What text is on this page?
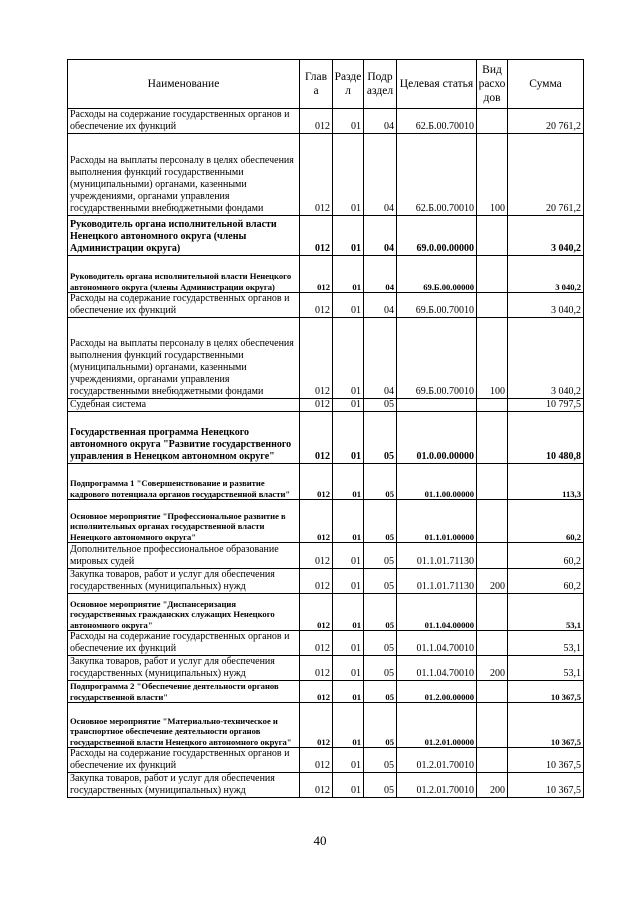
Наименование	Глав а	Разде л	Подр аздел	Целевая статья	Вид расхо дов	Сумма
Расходы на содержание государственных органов и обеспечение их функций	012	01	04	62.Б.00.70010		20 761,2
Расходы на выплаты персоналу в целях обеспечения выполнения функций государственными (муниципальными) органами, казенными учреждениями, органами управления государственными внебюджетными фондами	012	01	04	62.Б.00.70010	100	20 761,2
Руководитель органа исполнительной власти Ненецкого автономного округа (члены Администрации округа)	012	01	04	69.0.00.00000		3 040,2
Руководитель органа исполнительной власти Ненецкого автономного округа (члены Администрации округа)	012	01	04	69.Б.00.00000		3 040,2
Расходы на содержание государственных органов и обеспечение их функций	012	01	04	69.Б.00.70010		3 040,2
Расходы на выплаты персоналу в целях обеспечения выполнения функций государственными (муниципальными) органами, казенными учреждениями, органами управления государственными внебюджетными фондами	012	01	04	69.Б.00.70010	100	3 040,2
Судебная система	012	01	05			10 797,5
Государственная программа Ненецкого автономного округа "Развитие государственного управления в Ненецком автономном округе"	012	01	05	01.0.00.00000		10 480,8
Подпрограмма 1 "Совершенствование и развитие кадрового потенциала органов государственной власти"	012	01	05	01.1.00.00000		113,3
Основное мероприятие "Профессиональное развитие в исполнительных органах государственной власти Ненецкого автономного округа"	012	01	05	01.1.01.00000		60,2
Дополнительное профессиональное образование мировых судей	012	01	05	01.1.01.71130		60,2
Закупка товаров, работ и услуг для обеспечения государственных (муниципальных) нужд	012	01	05	01.1.01.71130	200	60,2
Основное мероприятие "Диспансеризация государственных гражданских служащих Ненецкого автономного округа"	012	01	05	01.1.04.00000		53,1
Расходы на содержание государственных органов и обеспечение их функций	012	01	05	01.1.04.70010		53,1
Закупка товаров, работ и услуг для обеспечения государственных (муниципальных) нужд	012	01	05	01.1.04.70010	200	53,1
Подпрограмма 2 "Обеспечение деятельности органов государственной власти"	012	01	05	01.2.00.00000		10 367,5
Основное мероприятие "Материально-техническое и транспортное обеспечение деятельности органов государственной власти Ненецкого автономного округа"	012	01	05	01.2.01.00000		10 367,5
Расходы на содержание государственных органов и обеспечение их функций	012	01	05	01.2.01.70010		10 367,5
Закупка товаров, работ и услуг для обеспечения государственных (муниципальных) нужд	012	01	05	01.2.01.70010	200	10 367,5
40
